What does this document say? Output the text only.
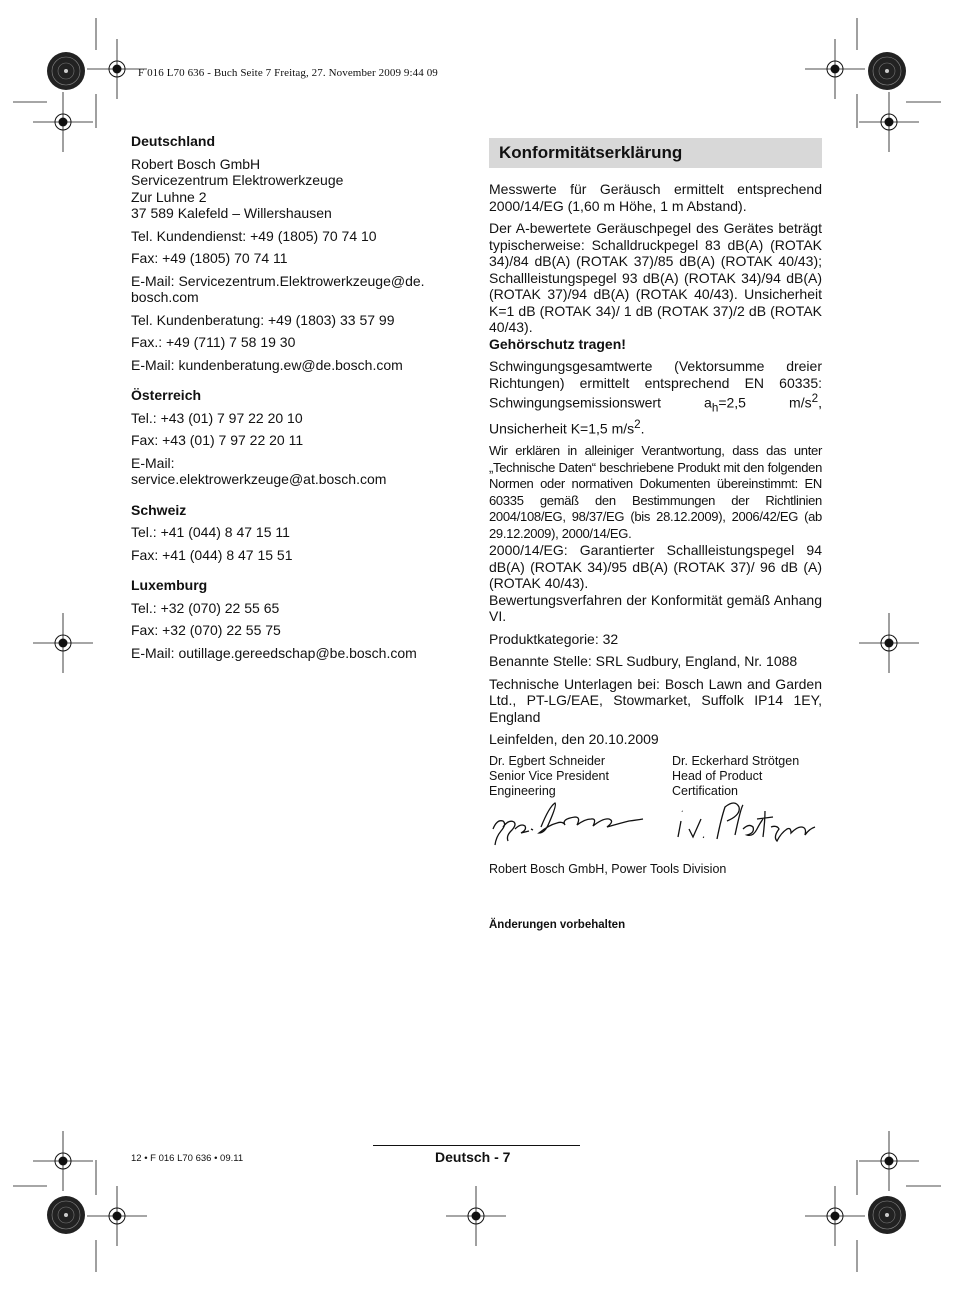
F 016 L70 636 - Buch Seite 7 Freitag, 27. November 2009 9:44 09
Deutschland

Robert Bosch GmbH
Servicezentrum Elektrowerkzeuge
Zur Luhne 2
37 589 Kalefeld – Willershausen

Tel. Kundendienst: +49 (1805) 70 74 10

Fax: +49 (1805) 70 74 11

E-Mail: Servicezentrum.Elektrowerkzeuge@de.
bosch.com

Tel. Kundenberatung: +49 (1803) 33 57 99

Fax.: +49 (711) 7 58 19 30

E-Mail: kundenberatung.ew@de.bosch.com

Österreich

Tel.: +43 (01) 7 97 22 20 10

Fax: +43 (01) 7 97 22 20 11

E-Mail:
service.elektrowerkzeuge@at.bosch.com

Schweiz

Tel.: +41 (044) 8 47 15 11

Fax: +41 (044) 8 47 15 51

Luxemburg

Tel.: +32 (070) 22 55 65

Fax: +32 (070) 22 55 75

E-Mail: outillage.gereedschap@be.bosch.com

Konformitätserklärung

Messwerte für Geräusch ermittelt entsprechend 2000/14/EG (1,60 m Höhe, 1 m Abstand).

Der A-bewertete Geräuschpegel des Gerätes beträgt typischerweise: Schalldruckpegel 83 dB(A) (ROTAK 34)/84 dB(A) (ROTAK 37)/85 dB(A) (ROTAK 40/43); Schallleistungspegel 93 dB(A) (ROTAK 34)/94 dB(A) (ROTAK 37)/94 dB(A) (ROTAK 40/43). Unsicherheit K=1 dB (ROTAK 34)/ 1 dB (ROTAK 37)/2 dB (ROTAK 40/43).

Gehörschutz tragen!

Schwingungsgesamtwerte (Vektorsumme dreier Richtungen) ermittelt entsprechend EN 60335: Schwingungsemissionswert $a_h=2,5$ $m/s^2$, Unsicherheit K=1,5 $m/s^2$.

Wir erklären in alleiniger Verantwortung, dass das unter „Technische Daten“ beschriebene Produkt mit den folgenden Normen oder normativen Dokumenten übereinstimmt: EN 60335 gemäß den Bestimmungen der Richtlinien 2004/108/EG, 98/37/EG (bis 28.12.2009), 2006/42/EG (ab 29.12.2009), 2000/14/EG.

2000/14/EG: Garantierter Schallleistungspegel 94 dB(A) (ROTAK 34)/95 dB(A) (ROTAK 37)/ 96 dB (A) (ROTAK 40/43).

Bewertungsverfahren der Konformität gemäß Anhang VI.

Produktkategorie: 32

Benannte Stelle: SRL Sudbury, England, Nr. 1088

Technische Unterlagen bei: Bosch Lawn and Garden Ltd., PT-LG/EAE, Stowmarket, Suffolk IP14 1EY, England

Leinfelden, den 20.10.2009

Dr. Egbert Schneider
Senior Vice President
Engineering
Dr. Eckerhard Strötgen
Head of Product
Certification
Robert Bosch GmbH, Power Tools Division
Änderungen vorbehalten
12 • F 016 L70 636 • 09.11	Deutsch - 7
